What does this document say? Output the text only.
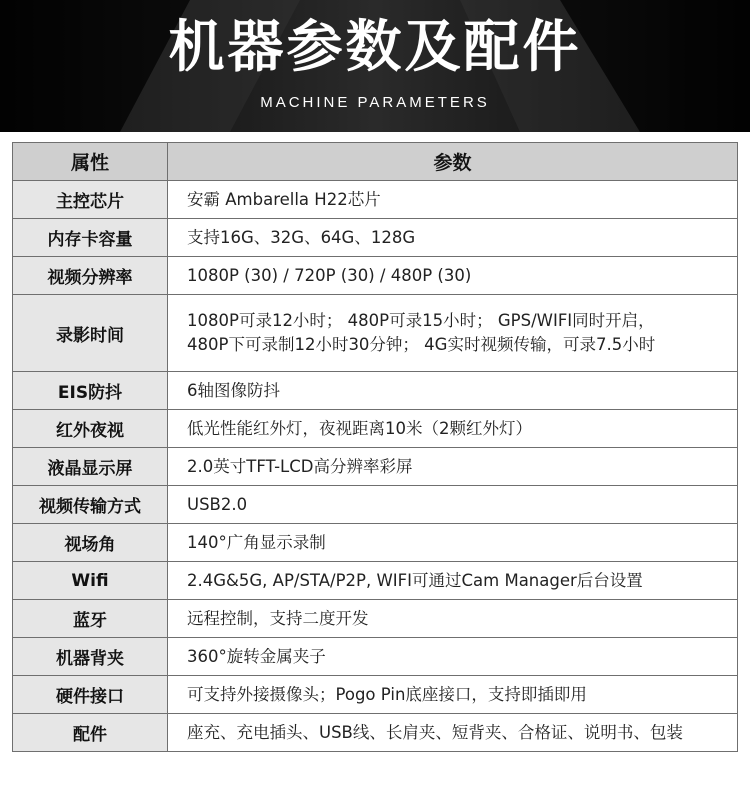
机器参数及配件
MACHINE PARAMETERS
属性	参数
主控芯片	安霸 Ambarella H22芯片
内存卡容量	支持16G、32G、64G、128G
视频分辨率	1080P (30) / 720P (30) / 480P (30)
录影时间	1080P可录12小时； 480P可录15小时； GPS/WIFI同时开启，
480P下可录制12小时30分钟； 4G实时视频传输，可录7.5小时

EIS防抖	6轴图像防抖
红外夜视	低光性能红外灯，夜视距离10米（2颗红外灯）
液晶显示屏	2.0英寸TFT-LCD高分辨率彩屏
视频传输方式	USB2.0
视场角	140°广角显示录制
Wifi	2.4G&5G, AP/STA/P2P, WIFI可通过Cam Manager后台设置
蓝牙	远程控制，支持二度开发
机器背夹	360°旋转金属夹子
硬件接口	可支持外接摄像头；Pogo Pin底座接口，支持即插即用
配件	座充、充电插头、USB线、长肩夹、短背夹、合格证、说明书、包装
